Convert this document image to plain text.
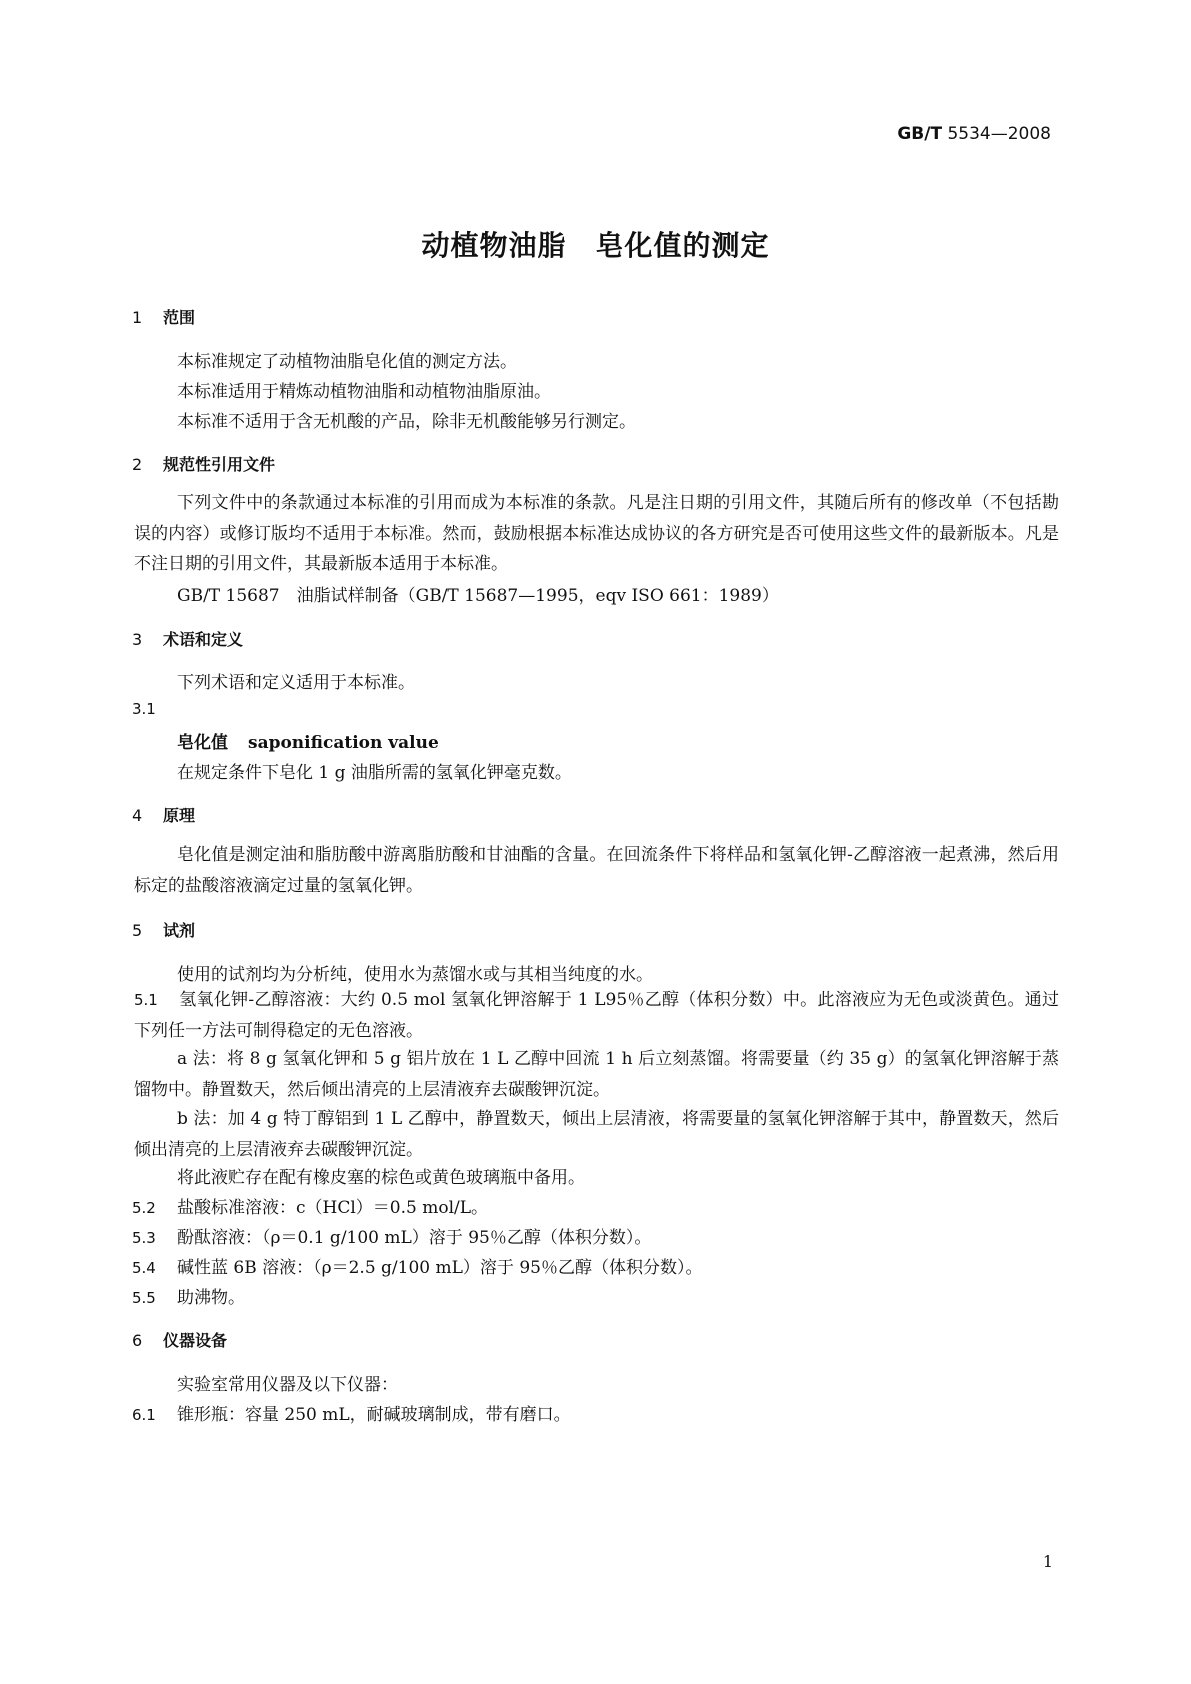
GB/T 5534—2008
动植物油脂　皂化值的测定
1 范围
本标准规定了动植物油脂皂化值的测定方法。
本标准适用于精炼动植物油脂和动植物油脂原油。
本标准不适用于含无机酸的产品，除非无机酸能够另行测定。
2 规范性引用文件
下列文件中的条款通过本标准的引用而成为本标准的条款。凡是注日期的引用文件，其随后所有的修改单（不包括勘误的内容）或修订版均不适用于本标准。然而，鼓励根据本标准达成协议的各方研究是否可使用这些文件的最新版本。凡是不注日期的引用文件，其最新版本适用于本标准。
GB/T 15687　油脂试样制备（GB/T 15687—1995，eqv ISO 661：1989）
3 术语和定义
下列术语和定义适用于本标准。
3.1
皂化值 saponification value
在规定条件下皂化 1 g 油脂所需的氢氧化钾毫克数。
4 原理
皂化值是测定油和脂肪酸中游离脂肪酸和甘油酯的含量。在回流条件下将样品和氢氧化钾-乙醇溶液一起煮沸，然后用标定的盐酸溶液滴定过量的氢氧化钾。
5 试剂
使用的试剂均为分析纯，使用水为蒸馏水或与其相当纯度的水。
5.1 氢氧化钾-乙醇溶液：大约 0.5 mol 氢氧化钾溶解于 1 L95％乙醇（体积分数）中。此溶液应为无色或淡黄色。通过下列任一方法可制得稳定的无色溶液。
a 法：将 8 g 氢氧化钾和 5 g 铝片放在 1 L 乙醇中回流 1 h 后立刻蒸馏。将需要量（约 35 g）的氢氧化钾溶解于蒸馏物中。静置数天，然后倾出清亮的上层清液弃去碳酸钾沉淀。
b 法：加 4 g 特丁醇铝到 1 L 乙醇中，静置数天，倾出上层清液，将需要量的氢氧化钾溶解于其中，静置数天，然后倾出清亮的上层清液弃去碳酸钾沉淀。
将此液贮存在配有橡皮塞的棕色或黄色玻璃瓶中备用。
5.2 盐酸标准溶液：c（HCl）＝0.5 mol/L。
5.3 酚酞溶液：（ρ＝0.1 g/100 mL）溶于 95％乙醇（体积分数）。
5.4 碱性蓝 6B 溶液：（ρ＝2.5 g/100 mL）溶于 95％乙醇（体积分数）。
5.5 助沸物。
6 仪器设备
实验室常用仪器及以下仪器：
6.1 锥形瓶：容量 250 mL，耐碱玻璃制成，带有磨口。
1
